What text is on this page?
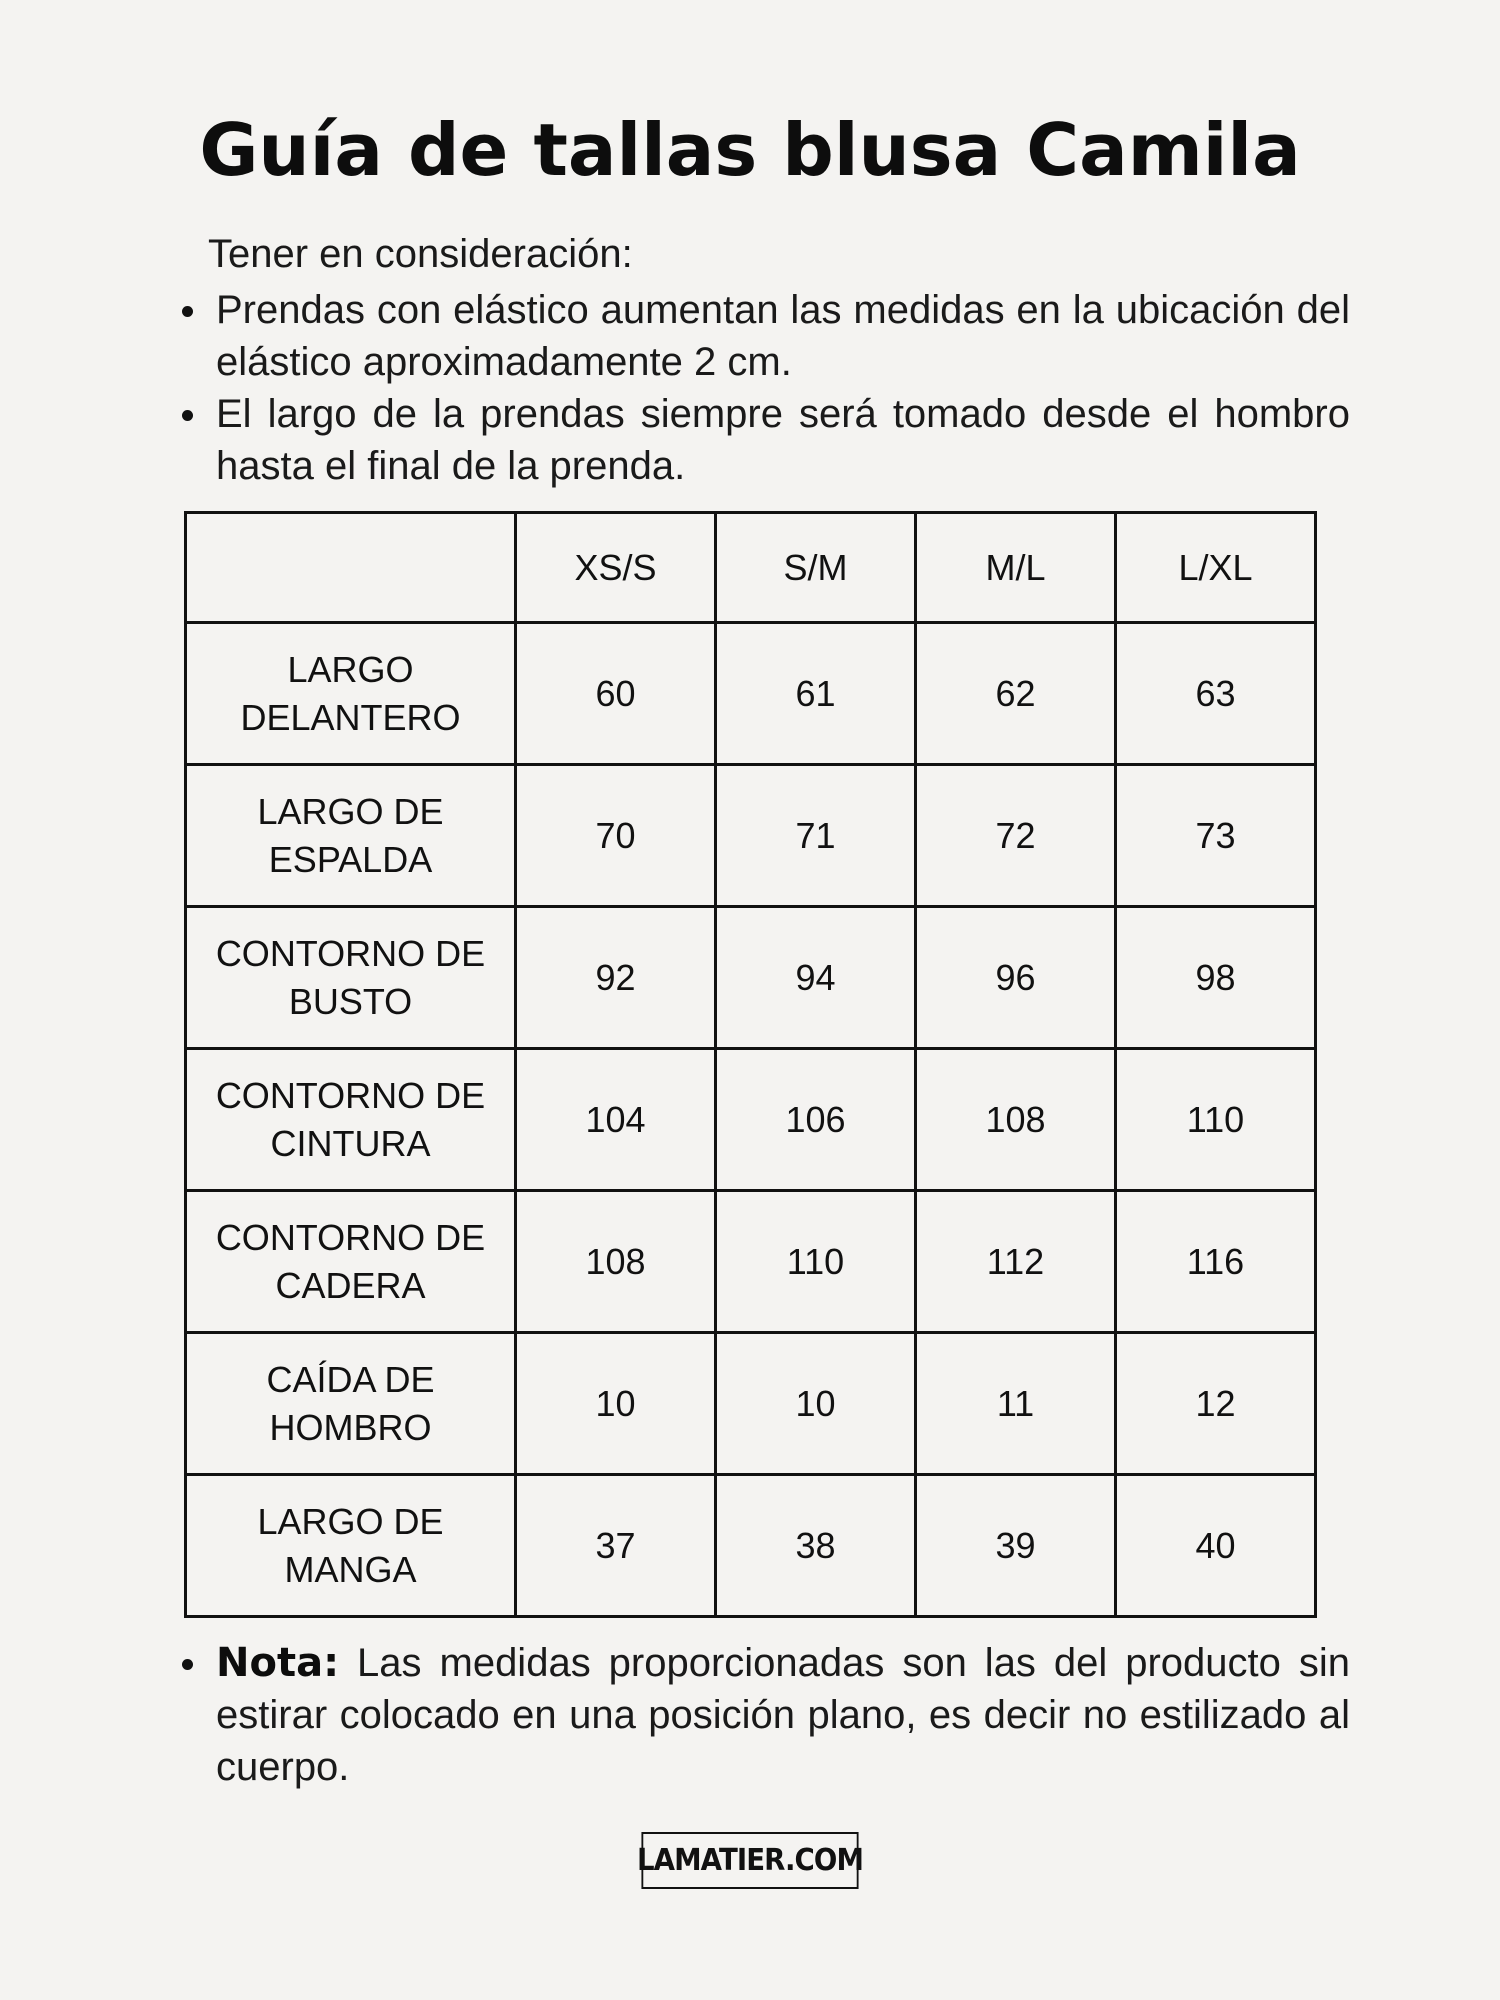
Guía de tallas blusa Camila

Tener en consideración:

Prendas con elástico aumentan las medidas en la ubicación del elástico aproximadamente 2 cm.
El largo de la prendas siempre será tomado desde el hombro hasta el final de la prenda.
	XS/S	S/M	M/L	L/XL
LARGO DELANTERO	60	61	62	63
LARGO DE ESPALDA	70	71	72	73
CONTORNO DE BUSTO	92	94	96	98
CONTORNO DE CINTURA	104	106	108	110
CONTORNO DE CADERA	108	110	112	116
CAÍDA DE HOMBRO	10	10	11	12
LARGO DE MANGA	37	38	39	40

Nota: Las medidas proporcionadas son las del producto sin estirar colocado en una posición plano, es decir no estilizado al cuerpo.

LAMATIER.COM
